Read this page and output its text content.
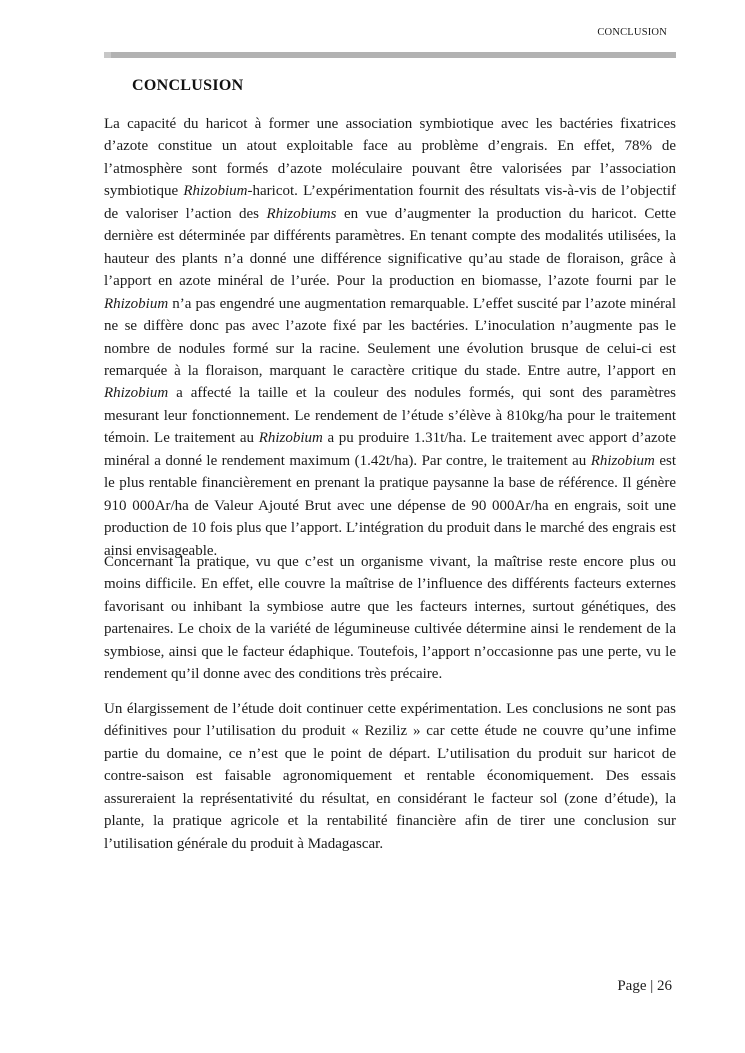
CONCLUSION
CONCLUSION

La capacité du haricot à former une association symbiotique avec les bactéries fixatrices d’azote constitue un atout exploitable face au problème d’engrais. En effet, 78% de l’atmosphère sont formés d’azote moléculaire pouvant être valorisées par l’association symbiotique Rhizobium-haricot. L’expérimentation fournit des résultats vis-à-vis de l’objectif de valoriser l’action des Rhizobiums en vue d’augmenter la production du haricot. Cette dernière est déterminée par différents paramètres. En tenant compte des modalités utilisées, la hauteur des plants n’a donné une différence significative qu’au stade de floraison, grâce à l’apport en azote minéral de l’urée. Pour la production en biomasse, l’azote fourni par le Rhizobium n’a pas engendré une augmentation remarquable. L’effet suscité par l’azote minéral ne se diffère donc pas avec l’azote fixé par les bactéries. L’inoculation n’augmente pas le nombre de nodules formé sur la racine. Seulement une évolution brusque de celui-ci est remarquée à la floraison, marquant le caractère critique du stade. Entre autre, l’apport en Rhizobium a affecté la taille et la couleur des nodules formés, qui sont des paramètres mesurant leur fonctionnement. Le rendement de l’étude s’élève à 810kg/ha pour le traitement témoin. Le traitement au Rhizobium a pu produire 1.31t/ha. Le traitement avec apport d’azote minéral a donné le rendement maximum (1.42t/ha). Par contre, le traitement au Rhizobium est le plus rentable financièrement en prenant la pratique paysanne la base de référence. Il génère 910 000Ar/ha de Valeur Ajouté Brut avec une dépense de 90 000Ar/ha en engrais, soit une production de 10 fois plus que l’apport. L’intégration du produit dans le marché des engrais est ainsi envisageable.

Concernant la pratique, vu que c’est un organisme vivant, la maîtrise reste encore plus ou moins difficile. En effet, elle couvre la maîtrise de l’influence des différents facteurs externes favorisant ou inhibant la symbiose autre que les facteurs internes, surtout génétiques, des partenaires. Le choix de la variété de légumineuse cultivée détermine ainsi le rendement de la symbiose, ainsi que le facteur édaphique. Toutefois, l’apport n’occasionne pas une perte, vu le rendement qu’il donne avec des conditions très précaire.

Un élargissement de l’étude doit continuer cette expérimentation. Les conclusions ne sont pas définitives pour l’utilisation du produit « Reziliz » car cette étude ne couvre qu’une infime partie du domaine, ce n’est que le point de départ. L’utilisation du produit sur haricot de contre-saison est faisable agronomiquement et rentable économiquement. Des essais assureraient la représentativité du résultat, en considérant le facteur sol (zone d’étude), la plante, la pratique agricole et la rentabilité financière afin de tirer une conclusion sur l’utilisation générale du produit à Madagascar.

Page | 26
